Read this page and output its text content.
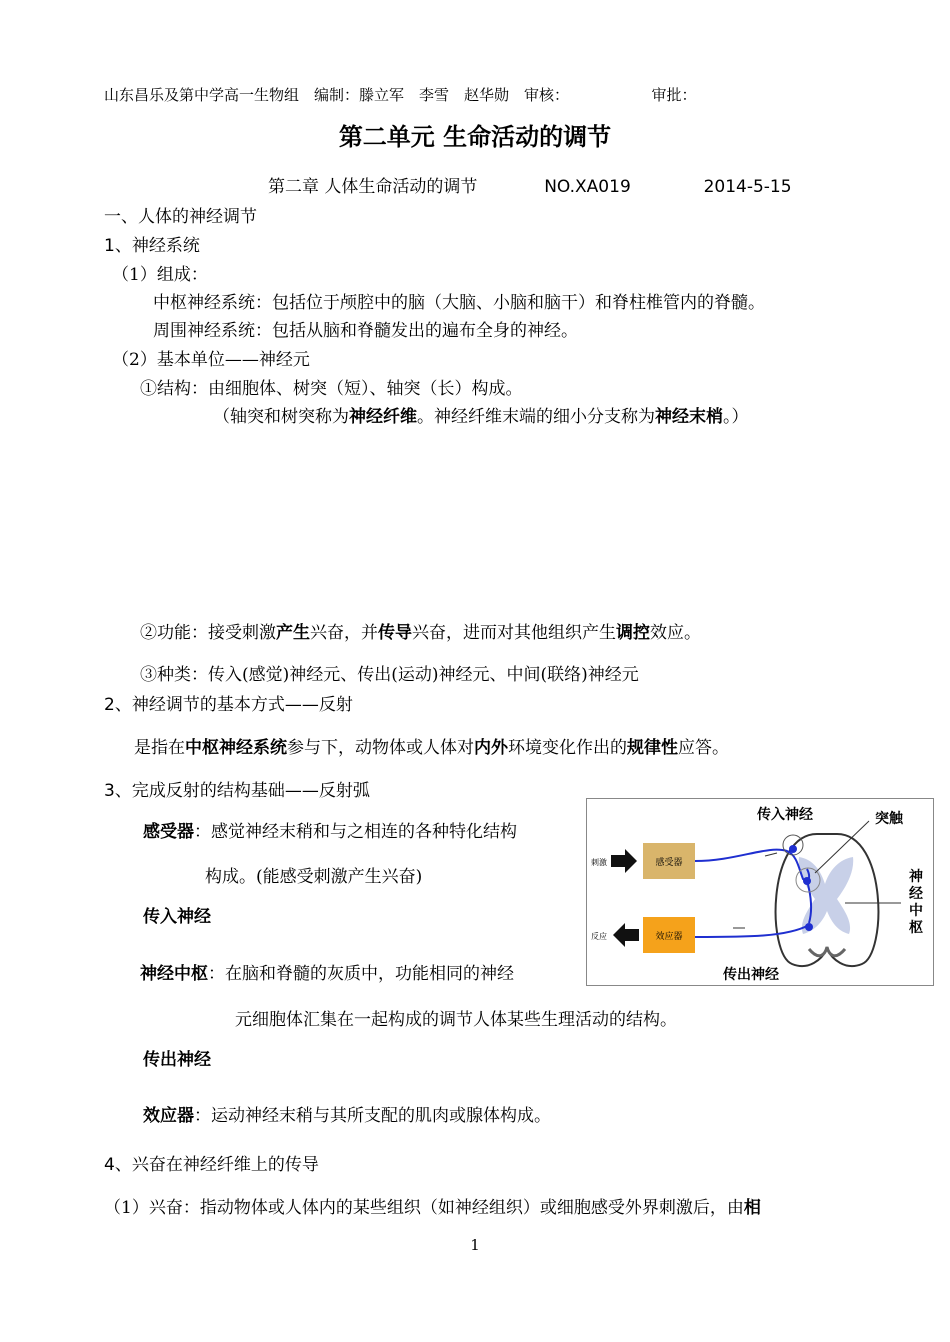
山东昌乐及第中学高一生物组　编制：滕立军　李雪　赵华勋　审核：　　　　　　审批：
第二单元 生命活动的调节
第二章 人体生命活动的调节	NO.XA019	2014-5-15
一、人体的神经调节
1、神经系统
（1）组成：
中枢神经系统：包括位于颅腔中的脑（大脑、小脑和脑干）和脊柱椎管内的脊髓。
周围神经系统：包括从脑和脊髓发出的遍布全身的神经。
（2）基本单位——神经元
①结构：由细胞体、树突（短）、轴突（长）构成。
（轴突和树突称为神经纤维。神经纤维末端的细小分支称为神经末梢。）
②功能：接受刺激产生兴奋，并传导兴奋，进而对其他组织产生调控效应。
③种类：传入(感觉)神经元、传出(运动)神经元、中间(联络)神经元
2、神经调节的基本方式——反射
是指在中枢神经系统参与下，动物体或人体对内外环境变化作出的规律性应答。
3、完成反射的结构基础——反射弧
感受器：感觉神经末稍和与之相连的各种特化结构
构成。(能感受刺激产生兴奋)
传入神经
神经中枢：在脑和脊髓的灰质中，功能相同的神经
元细胞体汇集在一起构成的调节人体某些生理活动的结构。
传出神经
效应器：运动神经末稍与其所支配的肌肉或腺体构成。
4、兴奋在神经纤维上的传导
（1）兴奋：指动物体或人体内的某些组织（如神经组织）或细胞感受外界刺激后，由相
1
感受器
效应器
刺激
反应
传入神经	突触
传出神经
神经中枢
